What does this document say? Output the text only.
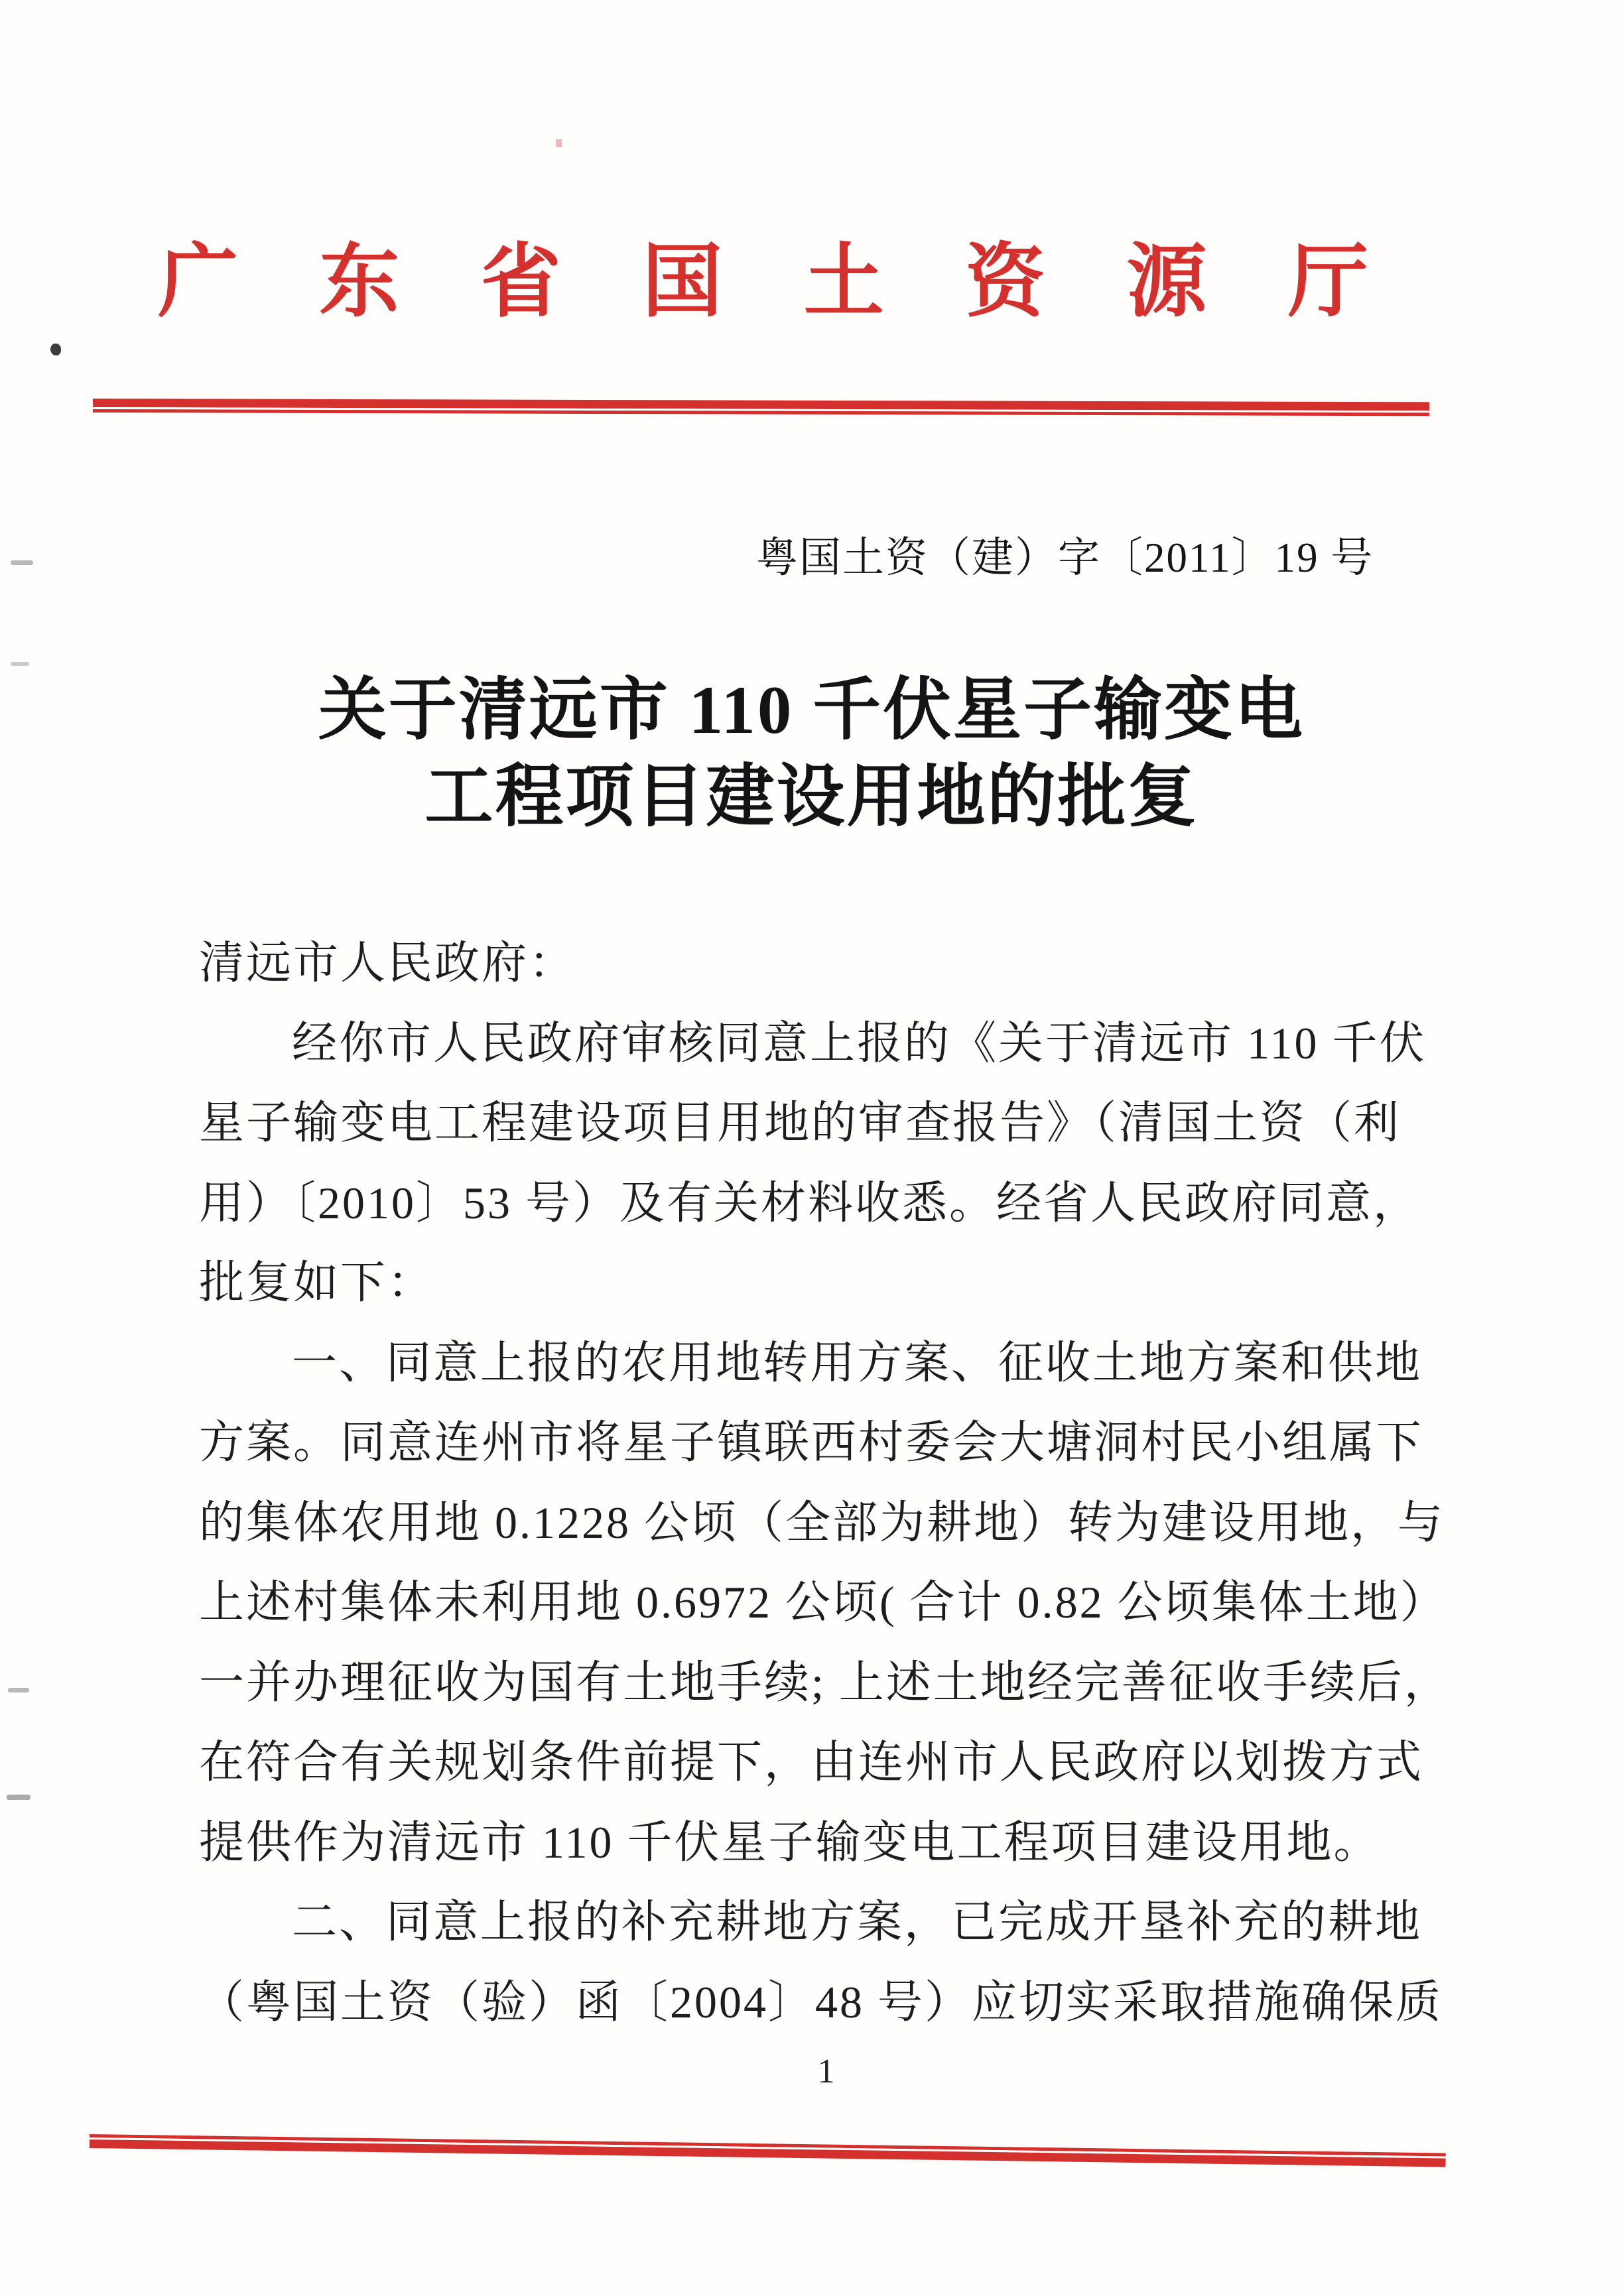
广 东 省 国 土 资 源 厅
粤国土资（建）字〔2011〕19 号
关于清远市 110 千伏星子输变电
工程项目建设用地的批复
清远市人民政府：
经你市人民政府审核同意上报的《关于清远市 110 千伏
星子输变电工程建设项目用地的审查报告》（清国土资（利
用）〔2010〕53 号）及有关材料收悉。经省人民政府同意，
批复如下：
一、同意上报的农用地转用方案、征收土地方案和供地
方案。同意连州市将星子镇联西村委会大塘洞村民小组属下
的集体农用地 0.1228 公顷（全部为耕地）转为建设用地，与
上述村集体未利用地 0.6972 公顷( 合计 0.82 公顷集体土地）
一并办理征收为国有土地手续; 上述土地经完善征收手续后，
在符合有关规划条件前提下，由连州市人民政府以划拨方式
提供作为清远市 110 千伏星子输变电工程项目建设用地。
二、同意上报的补充耕地方案，已完成开垦补充的耕地
（粤国土资（验）函〔2004〕48 号）应切实采取措施确保质
1
